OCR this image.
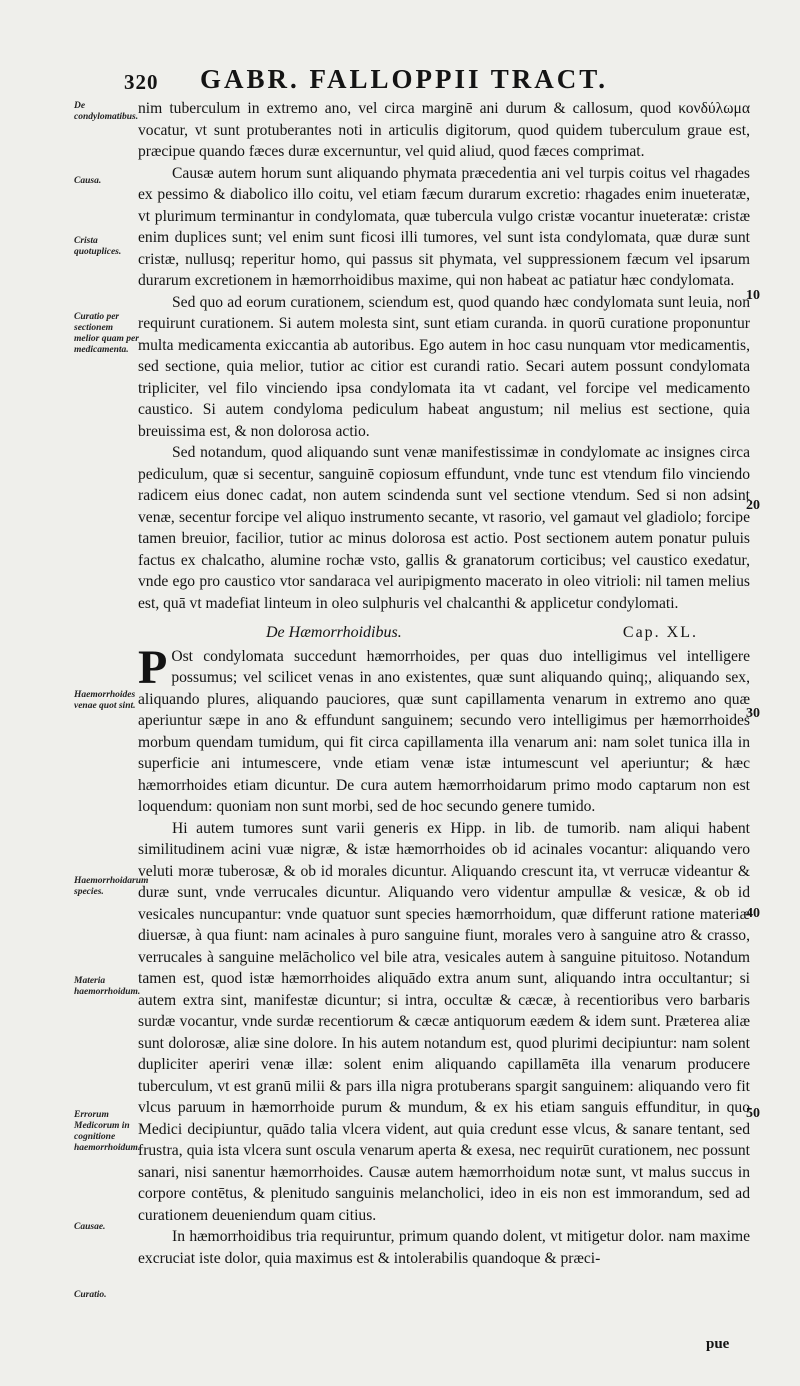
320 GABR. FALLOPPII TRACT.
De condylomatibus.
Causa.
Crista quotuplices.
Curatio per sectionem melior quam per medicamenta.
Haemorrhoides venae quot sint.
Haemorrhoidarum species.
Materia haemorrhoidum.
Errorum Medicorum in cognitione haemorrhoidum.
Causae.
Curatio.
10
20
30
40
50

nim tuberculum in extremo ano, vel circa marginē ani durum & callosum, quod κονδύλωμα vocatur, vt sunt protuberantes noti in articulis digitorum, quod quidem tuberculum graue est, præcipue quando fæces duræ excernuntur, vel quid aliud, quod fæces comprimat.

Causæ autem horum sunt aliquando phymata præcedentia ani vel turpis coitus vel rhagades ex pessimo & diabolico illo coitu, vel etiam fæcum durarum excretio: rhagades enim inueteratæ, vt plurimum terminantur in condylomata, quæ tubercula vulgo cristæ vocantur inueteratæ: cristæ enim duplices sunt; vel enim sunt ficosi illi tumores, vel sunt ista condylomata, quæ duræ sunt cristæ, nullusq; reperitur homo, qui passus sit phymata, vel suppressionem fæcum vel ipsarum durarum excretionem in hæmorrhoidibus maxime, qui non habeat ac patiatur hæc condylomata.

Sed quo ad eorum curationem, sciendum est, quod quando hæc condylomata sunt leuia, non requirunt curationem. Si autem molesta sint, sunt etiam curanda. in quorū curatione proponuntur multa medicamenta exiccantia ab autoribus. Ego autem in hoc casu nunquam vtor medicamentis, sed sectione, quia melior, tutior ac citior est curandi ratio. Secari autem possunt condylomata tripliciter, vel filo vinciendo ipsa condylomata ita vt cadant, vel forcipe vel medicamento caustico. Si autem condyloma pediculum habeat angustum; nil melius est sectione, quia breuissima est, & non dolorosa actio.

Sed notandum, quod aliquando sunt venæ manifestissimæ in condylomate ac insignes circa pediculum, quæ si secentur, sanguinē copiosum effundunt, vnde tunc est vtendum filo vinciendo radicem eius donec cadat, non autem scindenda sunt vel sectione vtendum. Sed si non adsint venæ, secentur forcipe vel aliquo instrumento secante, vt rasorio, vel gamaut vel gladiolo; forcipe tamen breuior, facilior, tutior ac minus dolorosa est actio. Post sectionem autem ponatur puluis factus ex chalcatho, alumine rochæ vsto, gallis & granatorum corticibus; vel caustico exedatur, vnde ego pro caustico vtor sandaraca vel auripigmento macerato in oleo vitrioli: nil tamen melius est, quā vt madefiat linteum in oleo sulphuris vel chalcanthi & applicetur condylomati.

De Hæmorrhoidibus.	Cap. XL.

P Ost condylomata succedunt hæmorrhoides, per quas duo intelligimus vel intelligere possumus; vel scilicet venas in ano existentes, quæ sunt aliquando quinq;, aliquando sex, aliquando plures, aliquando pauciores, quæ sunt capillamenta venarum in extremo ano quæ aperiuntur sæpe in ano & effundunt sanguinem; secundo vero intelligimus per hæmorrhoides morbum quendam tumidum, qui fit circa capillamenta illa venarum ani: nam solet tunica illa in superficie ani intumescere, vnde etiam venæ istæ intumescunt vel aperiuntur; & hæc hæmorrhoides etiam dicuntur. De cura autem hæmorrhoidarum primo modo captarum non est loquendum: quoniam non sunt morbi, sed de hoc secundo genere tumido.

Hi autem tumores sunt varii generis ex Hipp. in lib. de tumorib. nam aliqui habent similitudinem acini vuæ nigræ, & istæ hæmorrhoides ob id acinales vocantur: aliquando vero veluti moræ tuberosæ, & ob id morales dicuntur. Aliquando crescunt ita, vt verrucæ videantur & duræ sunt, vnde verrucales dicuntur. Aliquando vero videntur ampullæ & vesicæ, & ob id vesicales nuncupantur: vnde quatuor sunt species hæmorrhoidum, quæ differunt ratione materiæ diuersæ, à qua fiunt: nam acinales à puro sanguine fiunt, morales vero à sanguine atro & crasso, verrucales à sanguine melācholico vel bile atra, vesicales autem à sanguine pituitoso. Notandum tamen est, quod istæ hæmorrhoides aliquādo extra anum sunt, aliquando intra occultantur; si autem extra sint, manifestæ dicuntur; si intra, occultæ & cæcæ, à recentioribus vero barbaris surdæ vocantur, vnde surdæ recentiorum & cæcæ antiquorum eædem & idem sunt. Præterea aliæ sunt dolorosæ, aliæ sine dolore. In his autem notandum est, quod plurimi decipiuntur: nam solent dupliciter aperiri venæ illæ: solent enim aliquando capillamēta illa venarum producere tuberculum, vt est granū milii & pars illa nigra protuberans spargit sanguinem: aliquando vero fit vlcus paruum in hæmorrhoide purum & mundum, & ex his etiam sanguis effunditur, in quo Medici decipiuntur, quādo talia vlcera vident, aut quia credunt esse vlcus, & sanare tentant, sed frustra, quia ista vlcera sunt oscula venarum aperta & exesa, nec requirūt curationem, nec possunt sanari, nisi sanentur hæmorrhoides. Causæ autem hæmorrhoidum notæ sunt, vt malus succus in corpore contētus, & plenitudo sanguinis melancholici, ideo in eis non est immorandum, sed ad curationem deueniendum quam citius.

In hæmorrhoidibus tria requiruntur, primum quando dolent, vt mitigetur dolor. nam maxime excruciat iste dolor, quia maximus est & intolerabilis quandoque & præci-

pue
